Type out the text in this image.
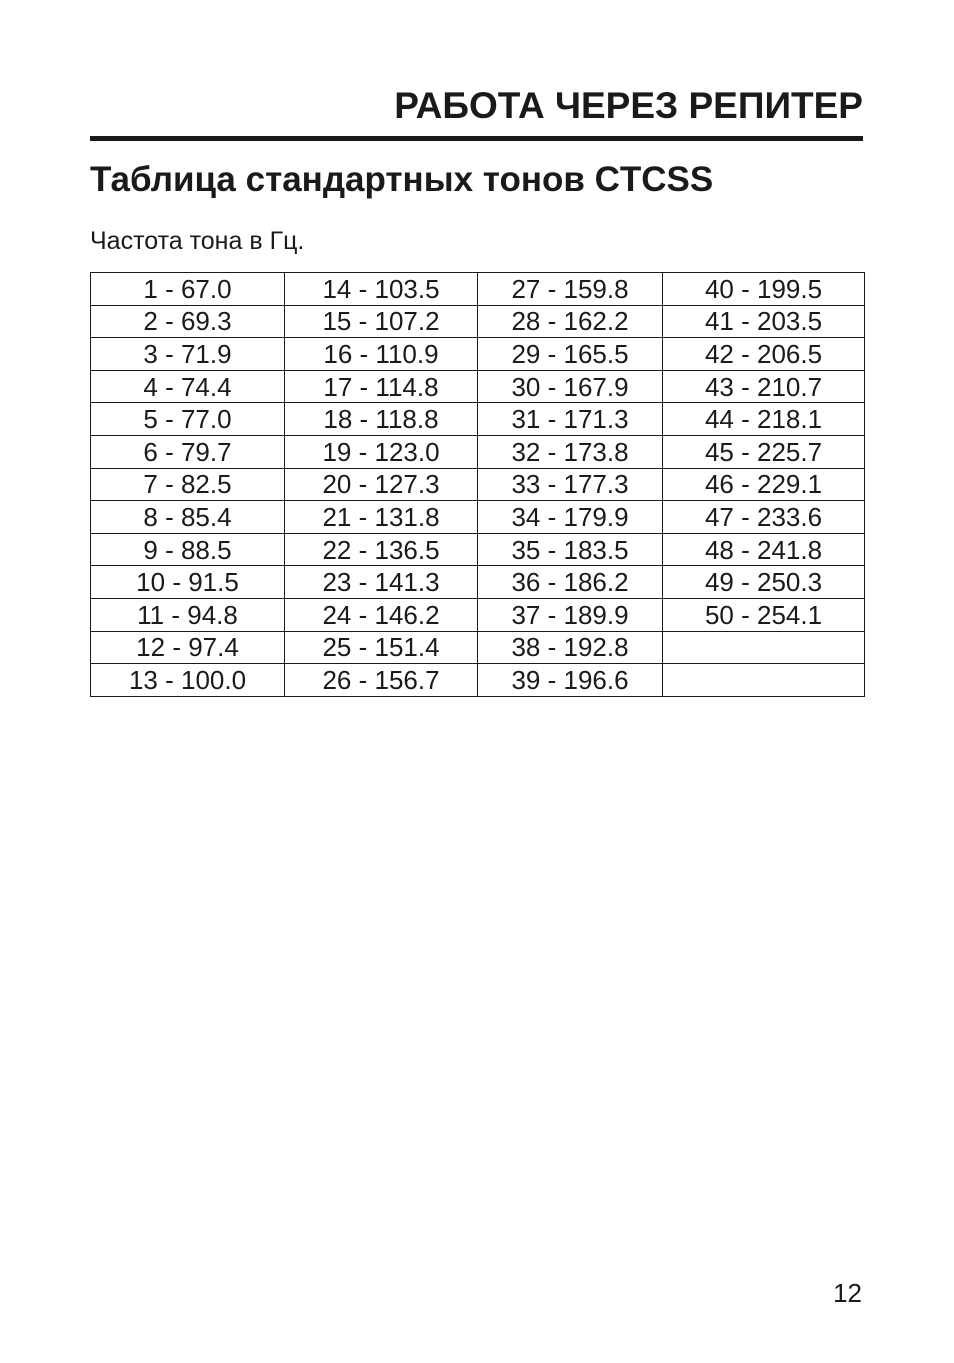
РАБОТА ЧЕРЕЗ РЕПИТЕР
Таблица стандартных тонов CTCSS
Частота тона в Гц.
1 - 67.0	14 - 103.5	27 - 159.8	40 - 199.5
2 - 69.3	15 - 107.2	28 - 162.2	41 - 203.5
3 - 71.9	16 - 110.9	29 - 165.5	42 - 206.5
4 - 74.4	17 - 114.8	30 - 167.9	43 - 210.7
5 - 77.0	18 - 118.8	31 - 171.3	44 - 218.1
6 - 79.7	19 - 123.0	32 - 173.8	45 - 225.7
7 - 82.5	20 - 127.3	33 - 177.3	46 - 229.1
8 - 85.4	21 - 131.8	34 - 179.9	47 - 233.6
9 - 88.5	22 - 136.5	35 - 183.5	48 - 241.8
10 - 91.5	23 - 141.3	36 - 186.2	49 - 250.3
11 - 94.8	24 - 146.2	37 - 189.9	50 - 254.1
12 - 97.4	25 - 151.4	38 - 192.8	
13 - 100.0	26 - 156.7	39 - 196.6	
12
